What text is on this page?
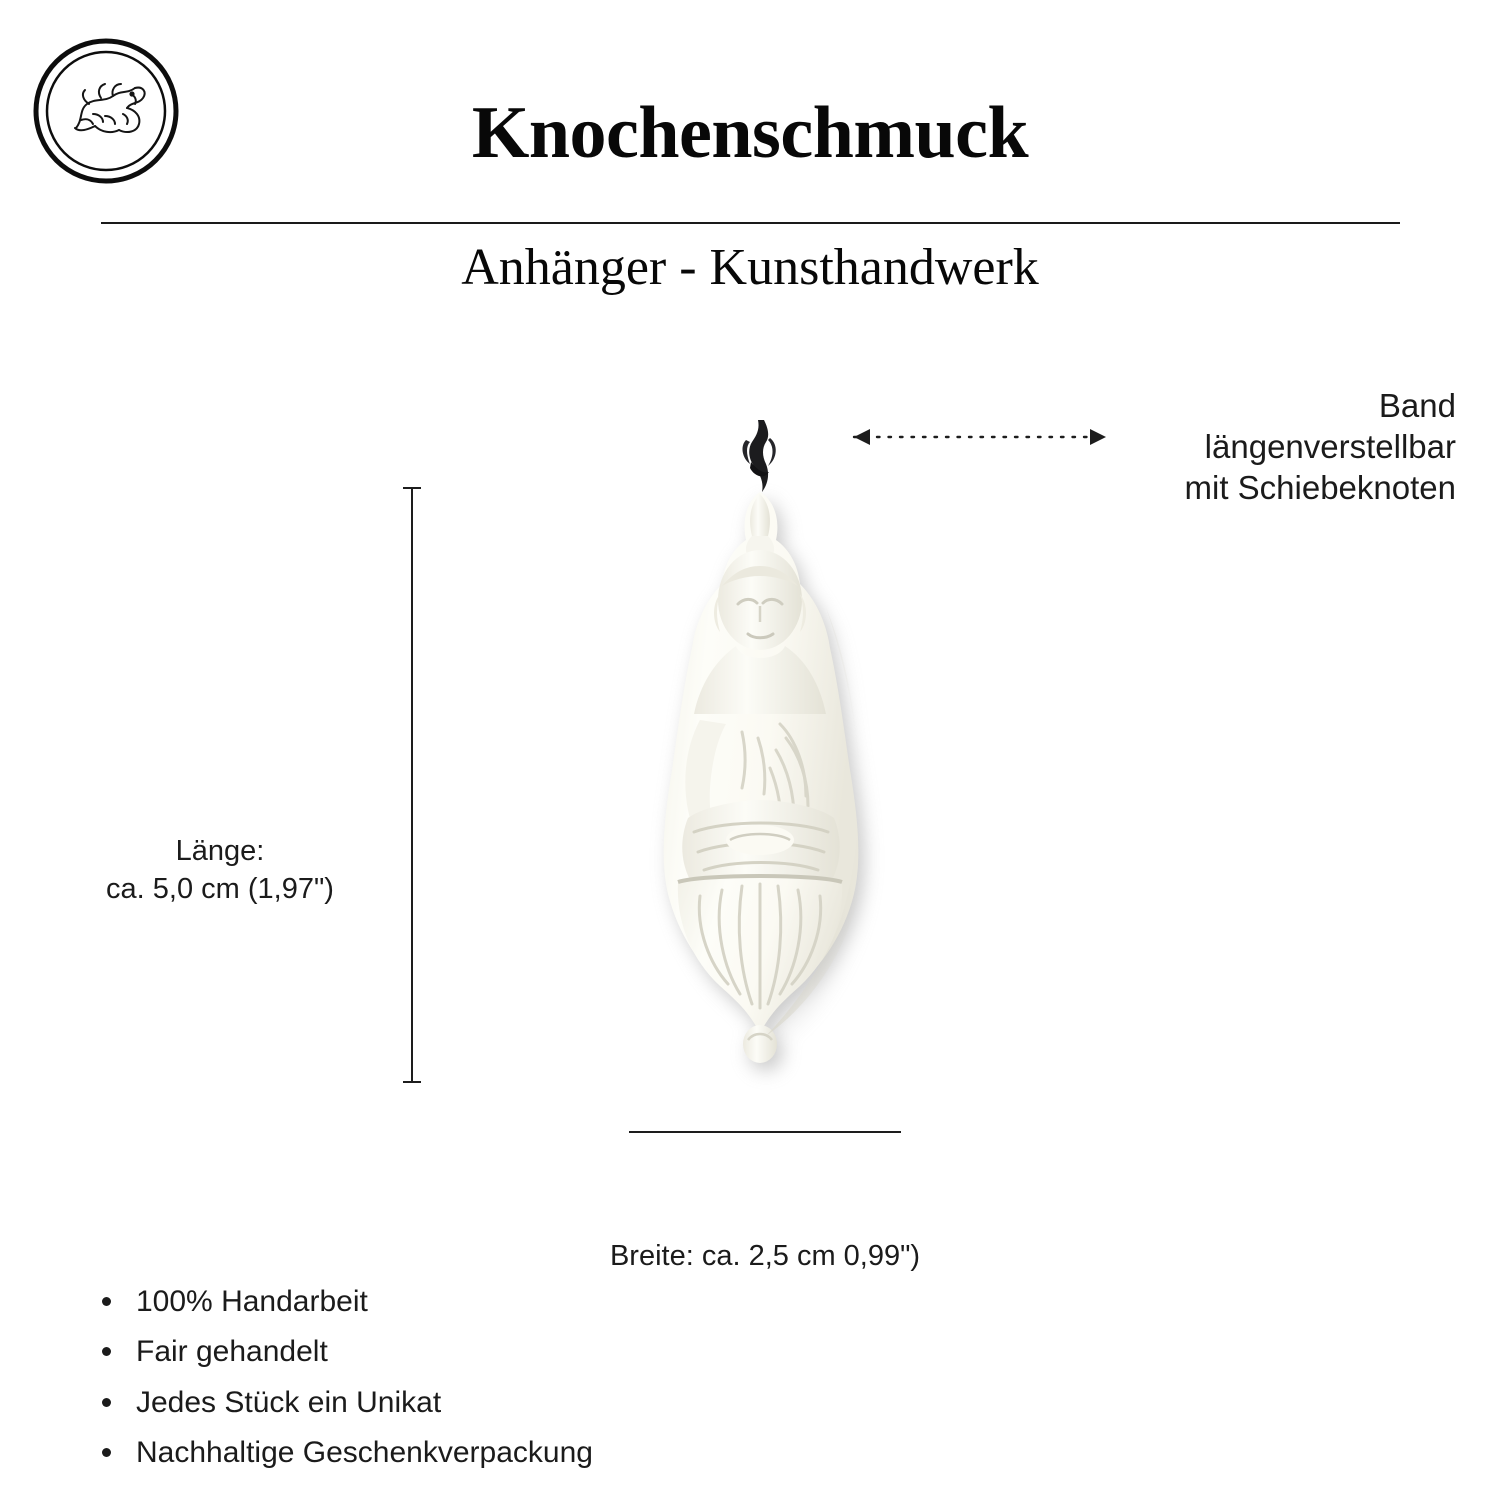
Knochenschmuck
Anhänger - Kunsthandwerk
Band
längenverstellbar
mit Schiebeknoten
Länge:
ca. 5,0 cm (1,97")
Breite: ca. 2,5 cm 0,99")
100% Handarbeit
Fair gehandelt
Jedes Stück ein Unikat
Nachhaltige Geschenkverpackung
